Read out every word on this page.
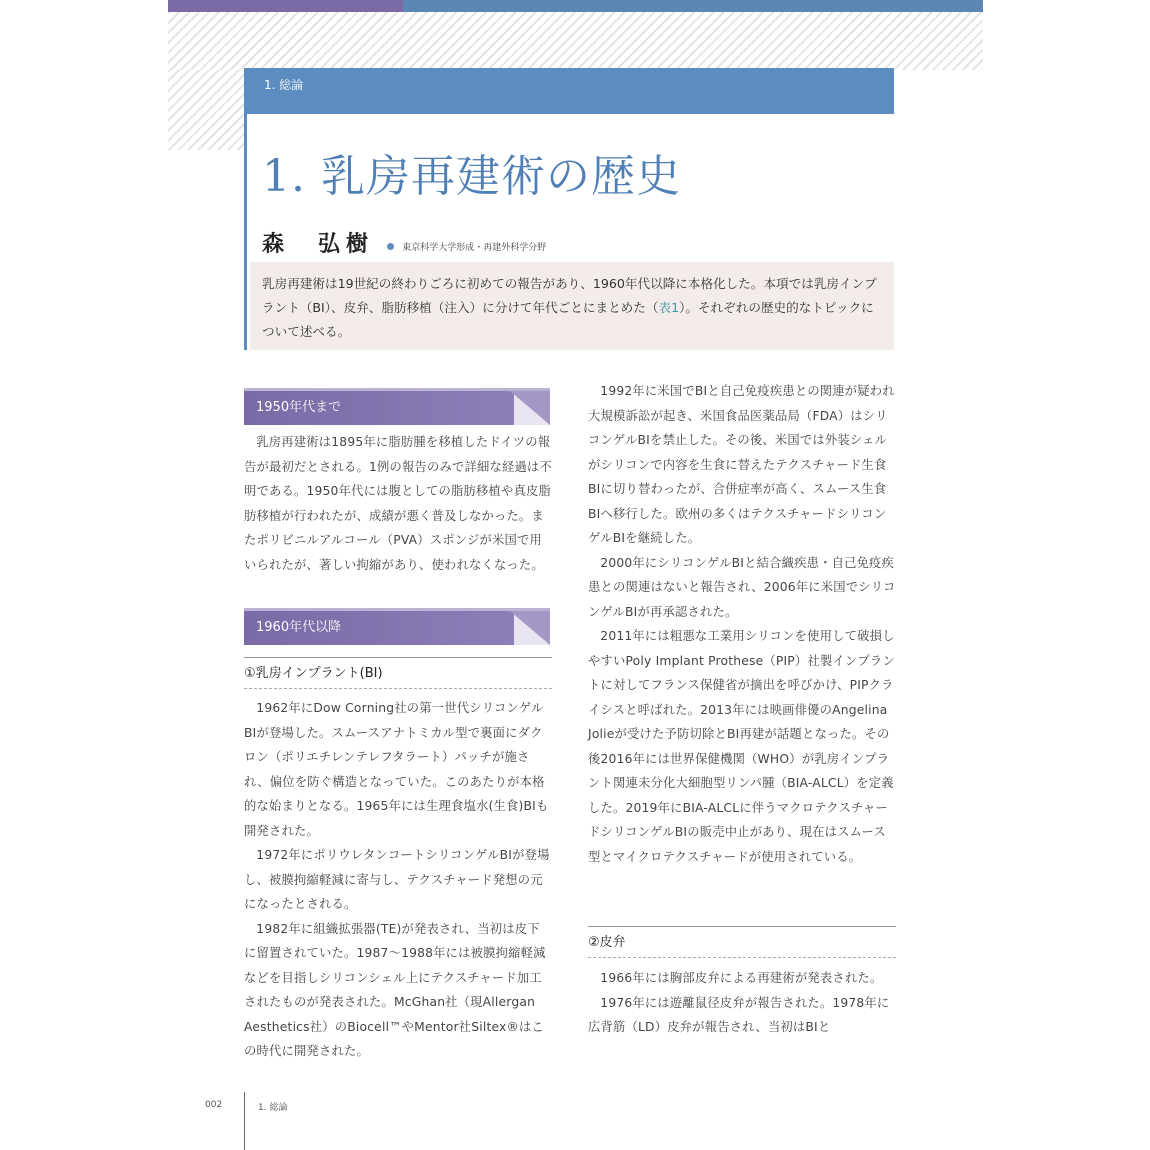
1. 総論
1. 乳房再建術の歴史
森　弘樹	東京科学大学形成・再建外科学分野
乳房再建術は19世紀の終わりごろに初めての報告があり、1960年代以降に本格化した。本項では乳房インプラント（BI）、皮弁、脂肪移植（注入）に分けて年代ごとにまとめた（表1）。それぞれの歴史的なトピックについて述べる。
1950年代まで

乳房再建術は1895年に脂肪腫を移植したドイツの報告が最初だとされる。1例の報告のみで詳細な経過は不明である。1950年代には腹としての脂肪移植や真皮脂肪移植が行われたが、成績が悪く普及しなかった。またポリビニルアルコール（PVA）スポンジが米国で用いられたが、著しい拘縮があり、使われなくなった。

1960年代以降
①乳房インプラント(BI)

1962年にDow Corning社の第一世代シリコンゲルBIが登場した。スムースアナトミカル型で裏面にダクロン（ポリエチレンテレフタラート）パッチが施され、偏位を防ぐ構造となっていた。このあたりが本格的な始まりとなる。1965年には生理食塩水(生食)BIも開発された。

1972年にポリウレタンコートシリコンゲルBIが登場し、被膜拘縮軽減に寄与し、テクスチャード発想の元になったとされる。

1982年に組織拡張器(TE)が発表され、当初は皮下に留置されていた。1987〜1988年には被膜拘縮軽減などを目指しシリコンシェル上にテクスチャード加工されたものが発表された。McGhan社（現Allergan Aesthetics社）のBiocell™やMentor社Siltex®はこの時代に開発された。

1992年に米国でBIと自己免疫疾患との関連が疑われ大規模訴訟が起き、米国食品医薬品局（FDA）はシリコンゲルBIを禁止した。その後、米国では外装シェルがシリコンで内容を生食に替えたテクスチャード生食BIに切り替わったが、合併症率が高く、スムース生食BIへ移行した。欧州の多くはテクスチャードシリコンゲルBIを継続した。

2000年にシリコンゲルBIと結合織疾患・自己免疫疾患との関連はないと報告され、2006年に米国でシリコンゲルBIが再承認された。

2011年には粗悪な工業用シリコンを使用して破損しやすいPoly Implant Prothese（PIP）社製インプラントに対してフランス保健省が摘出を呼びかけ、PIPクライシスと呼ばれた。2013年には映画俳優のAngelina Jolieが受けた予防切除とBI再建が話題となった。その後2016年には世界保健機関（WHO）が乳房インプラント関連未分化大細胞型リンパ腫（BIA-ALCL）を定義した。2019年にBIA-ALCLに伴うマクロテクスチャードシリコンゲルBIの販売中止があり、現在はスムース型とマイクロテクスチャードが使用されている。

②皮弁

1966年には胸部皮弁による再建術が発表された。

1976年には遊離鼠径皮弁が報告された。1978年に広背筋（LD）皮弁が報告され、当初はBIと

002	1. 総論
